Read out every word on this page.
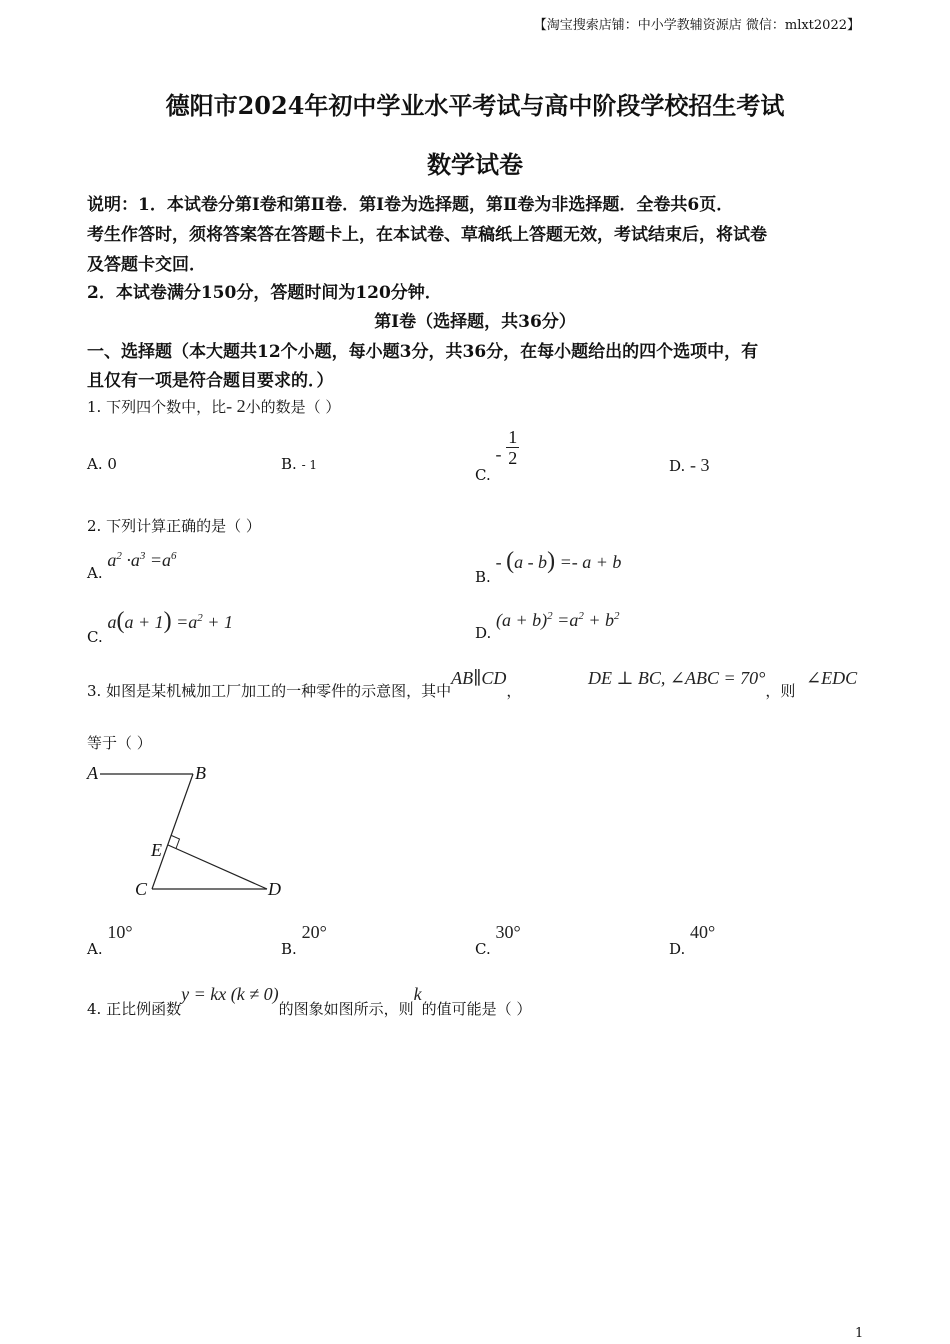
【淘宝搜索店铺：中小学教辅资源店 微信：mlxt2022】
德阳市2024年初中学业水平考试与高中阶段学校招生考试
数学试卷
说明：1．本试卷分第Ⅰ卷和第Ⅱ卷．第Ⅰ卷为选择题，第Ⅱ卷为非选择题．全卷共6页．
考生作答时，须将答案答在答题卡上，在本试卷、草稿纸上答题无效，考试结束后，将试卷
及答题卡交回．
2．本试卷满分150分，答题时间为120分钟．
第Ⅰ卷（选择题，共36分）
一、选择题（本大题共12个小题，每小题3分，共36分，在每小题给出的四个选项中，有
且仅有一项是符合题目要求的．）
1. 下列四个数中，比- 2小的数是（ ）
A. 0	B. - 1
C. - $\frac{1}{2}$	D. - 3
2. 下列计算正确的是（ ）
A. $a^2 \cdot a^3 =a^6$
B. - (a - b) =- a + b
C. $a(a + 1) =a^2 + 1$
D. $(a + b)^2 =a^2 + b^2$
3. 如图是某机械加工厂加工的一种零件的示意图，其中AB∥CD，
DE ⊥ BC, ∠ABC = 70°，则
∠EDC
等于（ ）
A	B
E
C	D
A. 10°
B. 20°
C. 30°
D. 40°
4. 正比例函数y = kx (k ≠ 0)的图象如图所示，则k的值可能是（ ）
1
